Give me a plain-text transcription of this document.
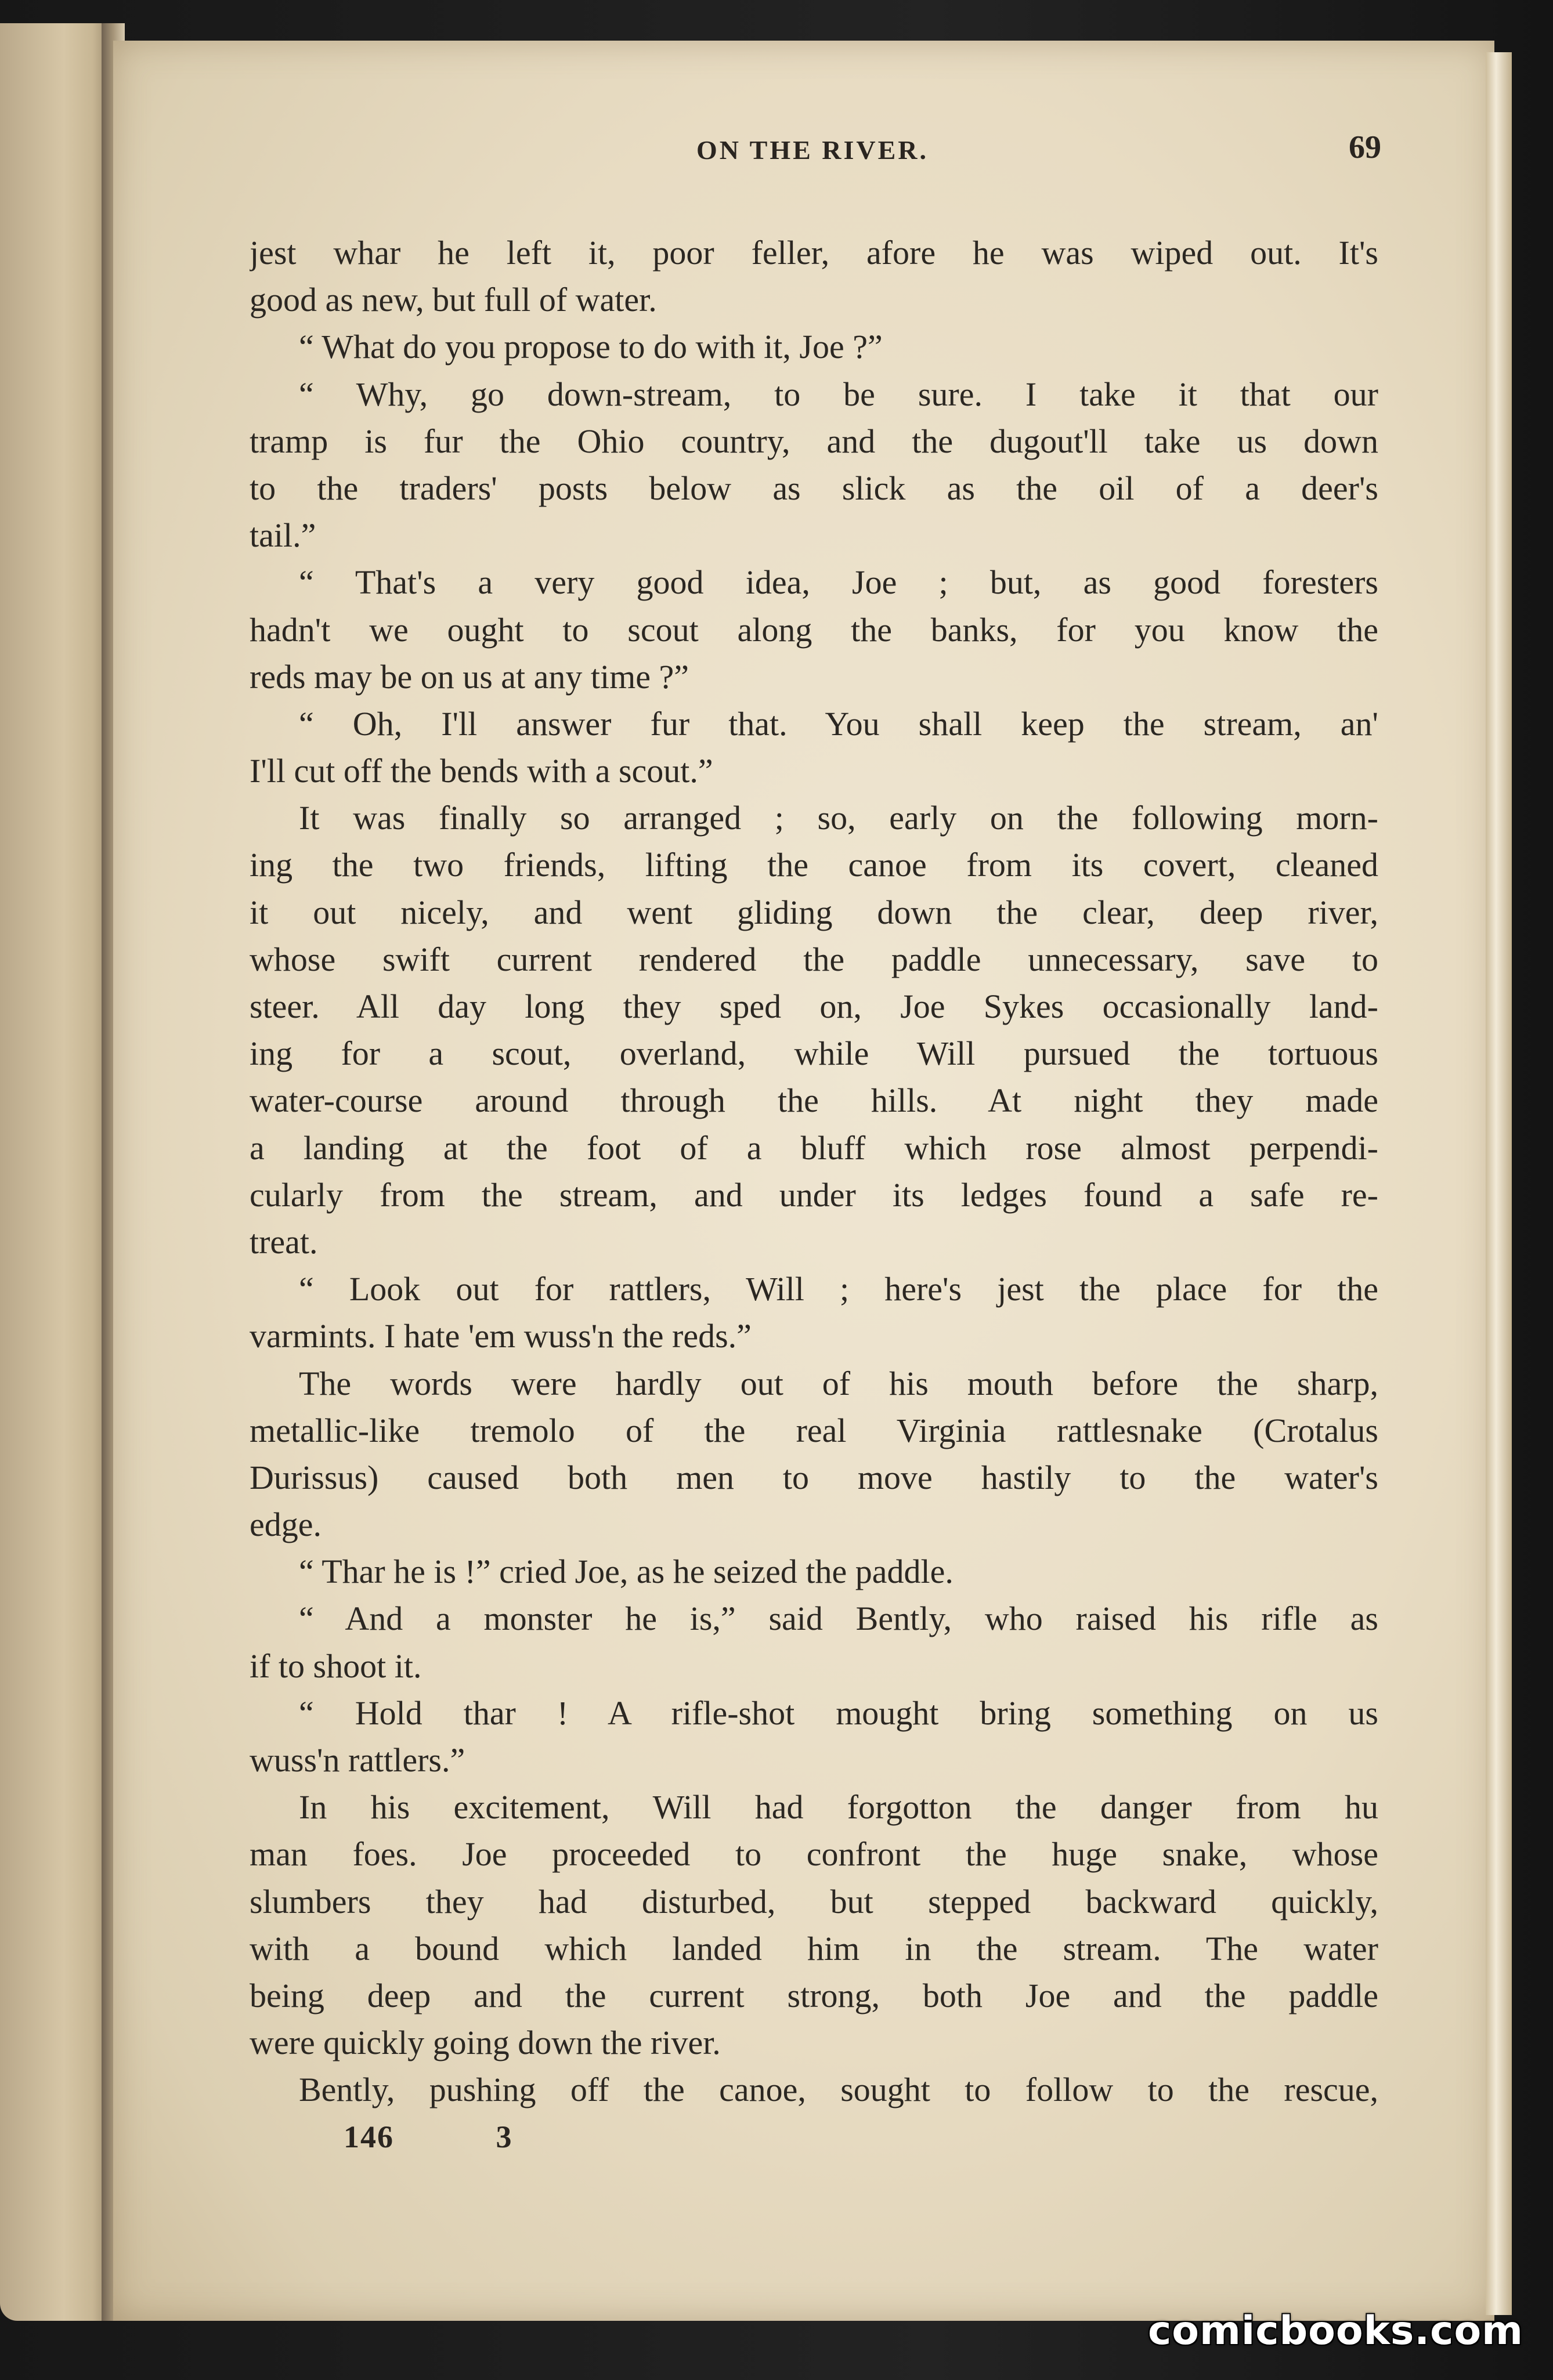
ON THE RIVER.	69
jest whar he left it, poor feller, afore he was wiped out. It's
good as new, but full of water.
“ What do you propose to do with it, Joe ?”
“ Why, go down-stream, to be sure. I take it that our
tramp is fur the Ohio country, and the dugout'll take us down
to the traders' posts below as slick as the oil of a deer's
tail.”
“ That's a very good idea, Joe ; but, as good foresters
hadn't we ought to scout along the banks, for you know the
reds may be on us at any time ?”
“ Oh, I'll answer fur that. You shall keep the stream, an'
I'll cut off the bends with a scout.”
It was finally so arranged ; so, early on the following morn-
ing the two friends, lifting the canoe from its covert, cleaned
it out nicely, and went gliding down the clear, deep river,
whose swift current rendered the paddle unnecessary, save to
steer. All day long they sped on, Joe Sykes occasionally land-
ing for a scout, overland, while Will pursued the tortuous
water-course around through the hills. At night they made
a landing at the foot of a bluff which rose almost perpendi-
cularly from the stream, and under its ledges found a safe re-
treat.
“ Look out for rattlers, Will ; here's jest the place for the
varmints. I hate 'em wuss'n the reds.”
The words were hardly out of his mouth before the sharp,
metallic-like tremolo of the real Virginia rattlesnake (Crotalus
Durissus) caused both men to move hastily to the water's
edge.
“ Thar he is !” cried Joe, as he seized the paddle.
“ And a monster he is,” said Bently, who raised his rifle as
if to shoot it.
“ Hold thar ! A rifle-shot mought bring something on us
wuss'n rattlers.”
In his excitement, Will had forgotton the danger from hu
man foes. Joe proceeded to confront the huge snake, whose
slumbers they had disturbed, but stepped backward quickly,
with a bound which landed him in the stream. The water
being deep and the current strong, both Joe and the paddle
were quickly going down the river.
Bently, pushing off the canoe, sought to follow to the rescue,
146	3
comicbooks.com
